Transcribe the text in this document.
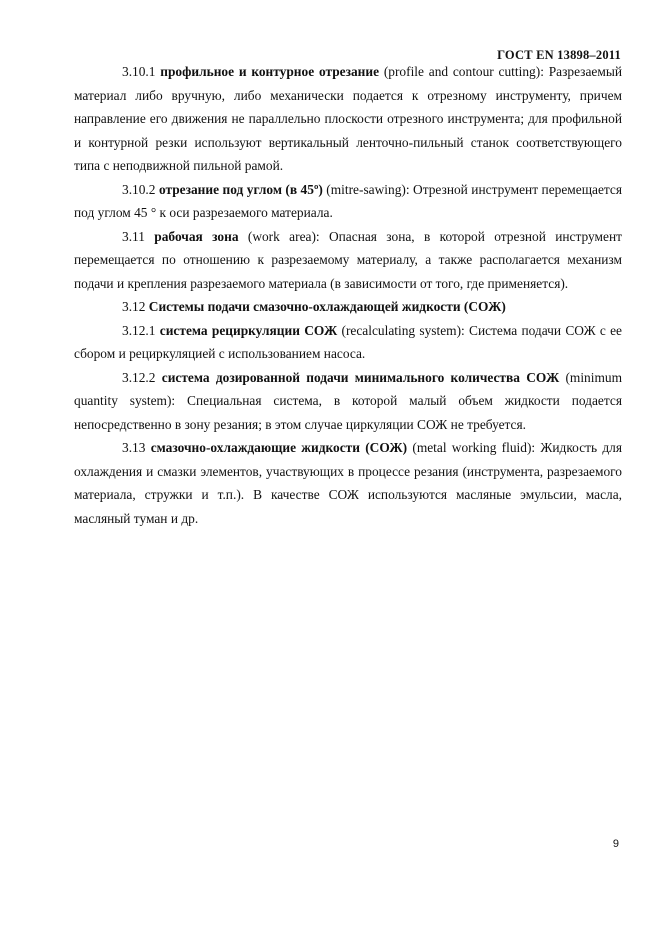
ГОСТ EN 13898–2011

3.10.1 профильное и контурное отрезание (profile and contour cutting): Разрезаемый материал либо вручную, либо механически подается к отрезному инструменту, причем направление его движения не параллельно плоскости отрезного инструмента; для профильной и контурной резки используют вертикальный ленточно-пильный станок соответствующего типа с неподвижной пильной рамой.

3.10.2 отрезание под углом (в 45º) (mitre-sawing): Отрезной инструмент перемещается под углом 45 ° к оси разрезаемого материала.

3.11 рабочая зона (work area): Опасная зона, в которой отрезной инструмент перемещается по отношению к разрезаемому материалу, а также располагается механизм подачи и крепления разрезаемого материала (в зависимости от того, где применяется).

3.12 Системы подачи смазочно-охлаждающей жидкости (СОЖ)

3.12.1 система рециркуляции СОЖ (recalculating system): Система подачи СОЖ с ее сбором и рециркуляцией с использованием насоса.

3.12.2 система дозированной подачи минимального количества СОЖ (minimum quantity system): Специальная система, в которой малый объем жидкости подается непосредственно в зону резания; в этом случае циркуляции СОЖ не требуется.

3.13 смазочно-охлаждающие жидкости (СОЖ) (metal working fluid): Жидкость для охлаждения и смазки элементов, участвующих в процессе резания (инструмента, разрезаемого материала, стружки и т.п.). В качестве СОЖ используются масляные эмульсии, масла, масляный туман и др.

9
